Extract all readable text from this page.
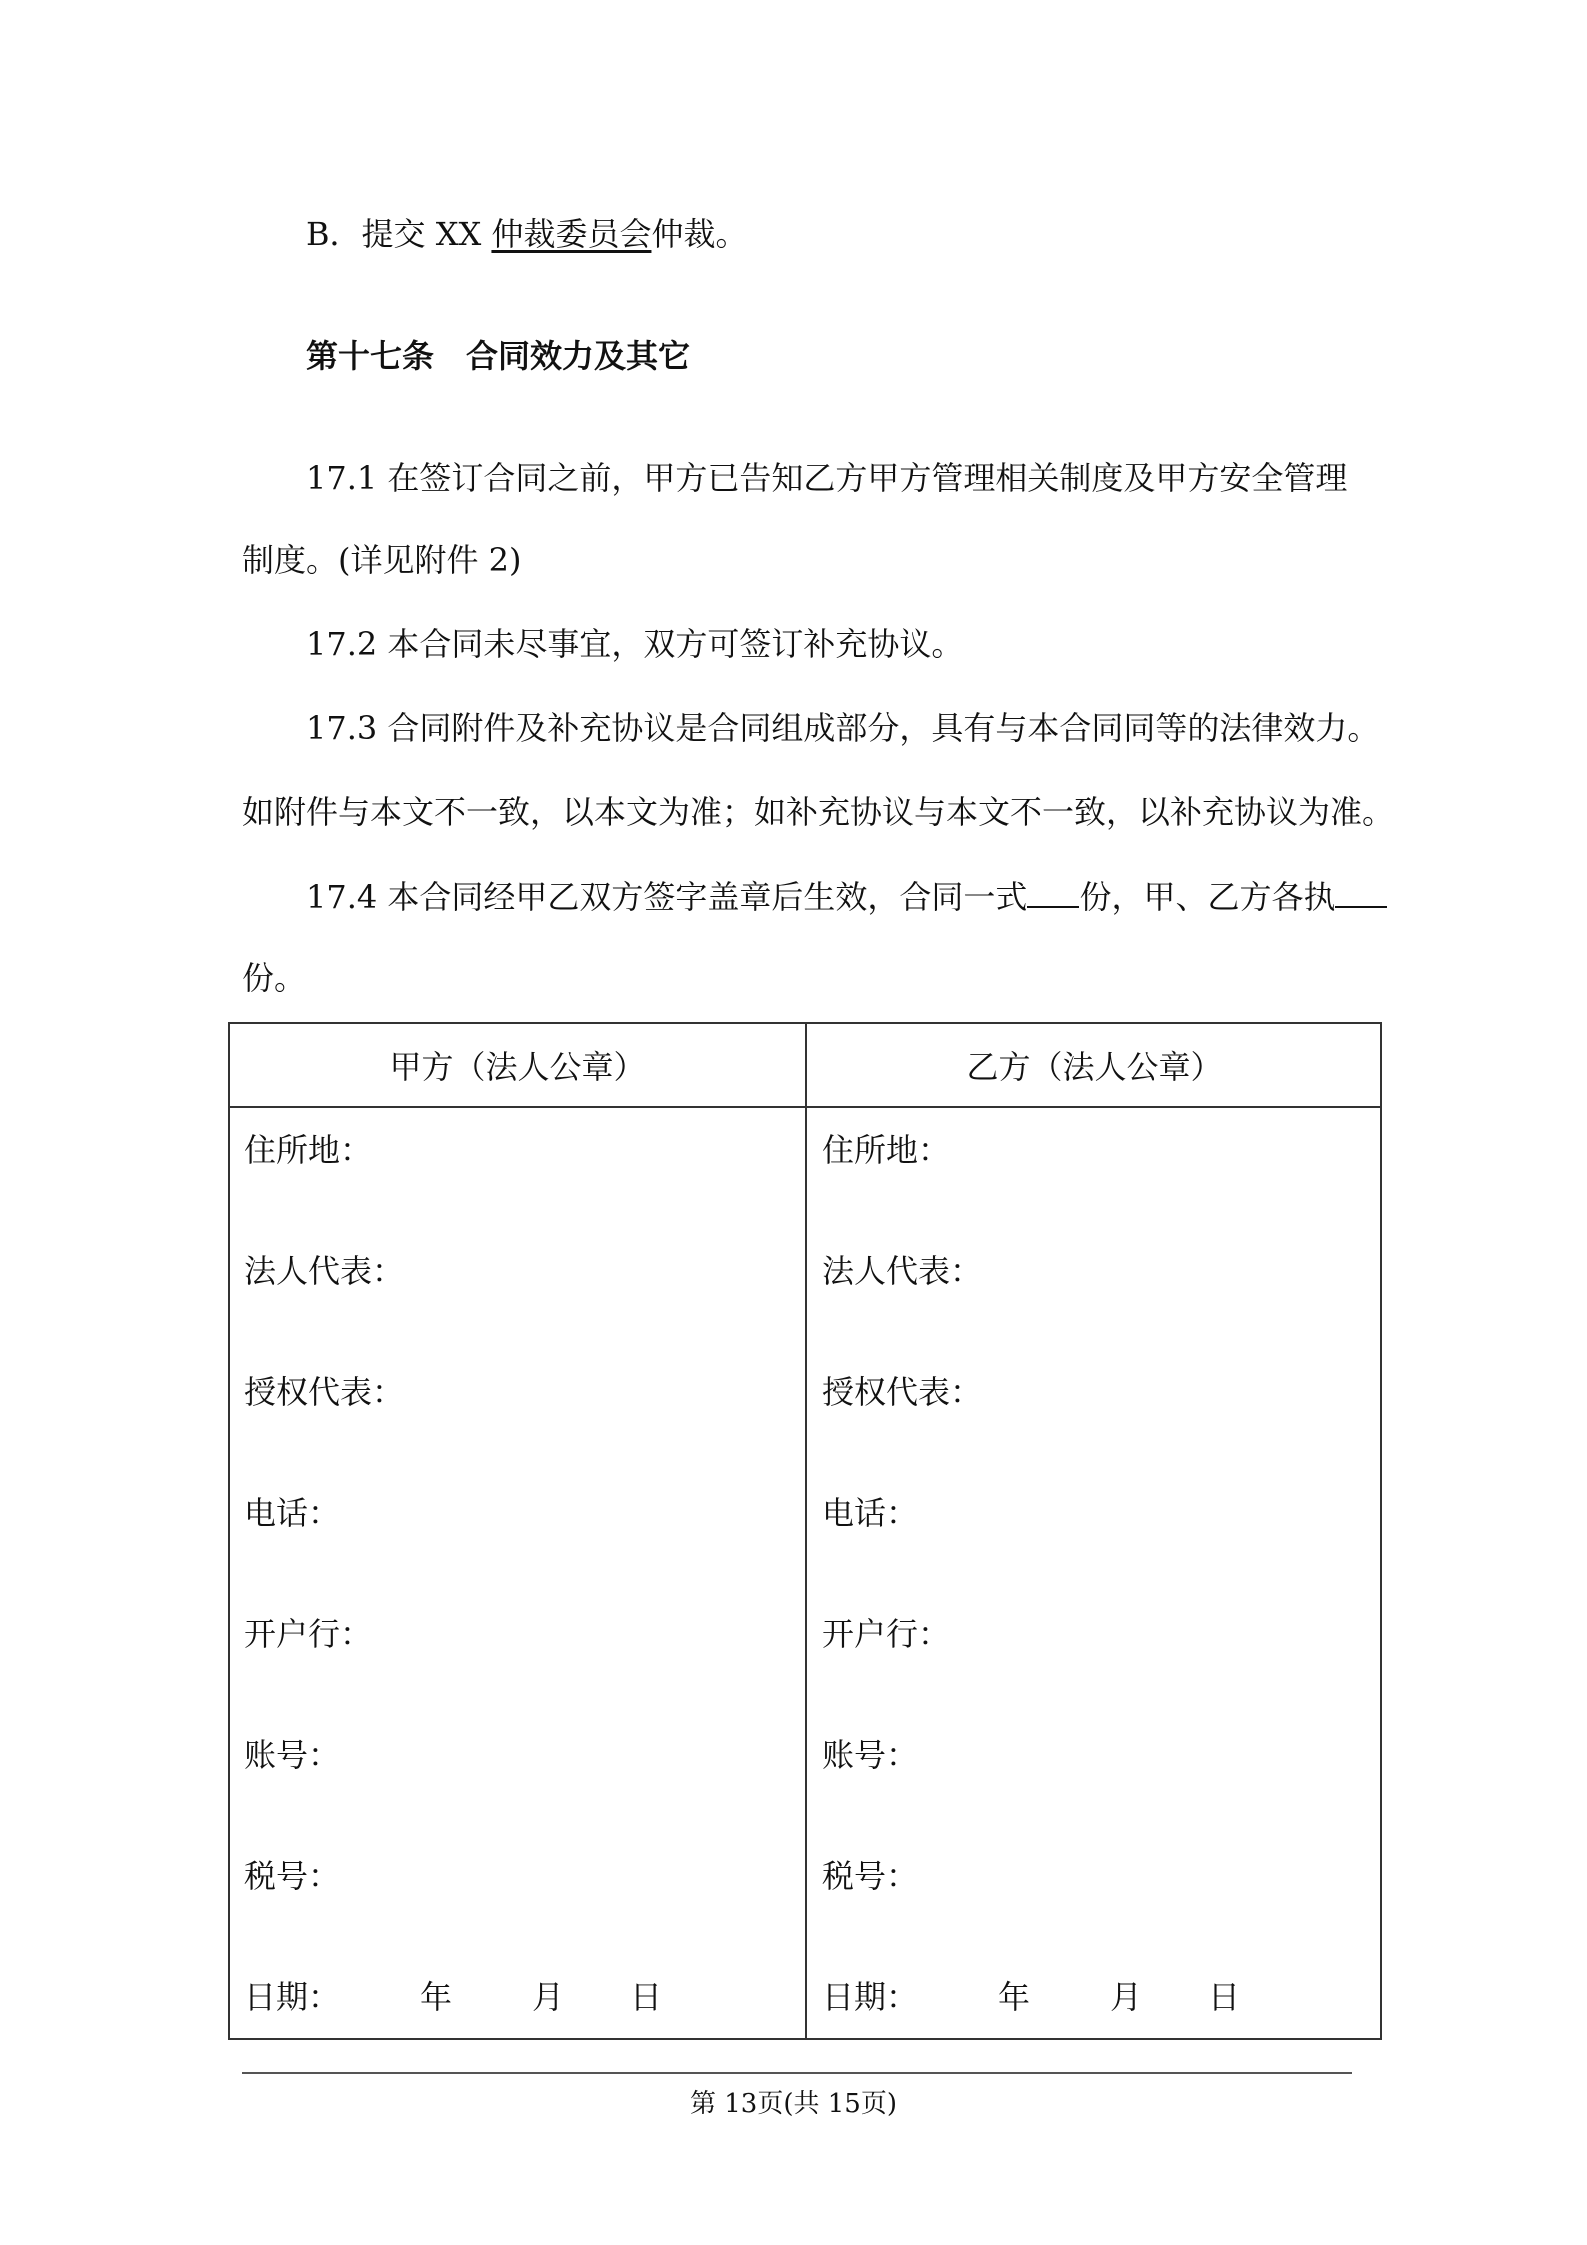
B．提交 XX 仲裁委员会仲裁。
第十七条　合同效力及其它
17.1 在签订合同之前，甲方已告知乙方甲方管理相关制度及甲方安全管理
制度。(详见附件 2)
17.2 本合同未尽事宜，双方可签订补充协议。
17.3 合同附件及补充协议是合同组成部分，具有与本合同同等的法律效力。
如附件与本文不一致，以本文为准；如补充协议与本文不一致，以补充协议为准。
17.4 本合同经甲乙双方签字盖章后生效，合同一式 份，甲、乙方各执
份。
甲方（法人公章）	乙方（法人公章）
住所地：
法人代表：
授权代表：
电话：
开户行：
账号：
税号：
日期： 年 月 日
住所地：
法人代表：
授权代表：
电话：
开户行：
账号：
税号：
日期： 年 月 日
第 13页(共 15页)
